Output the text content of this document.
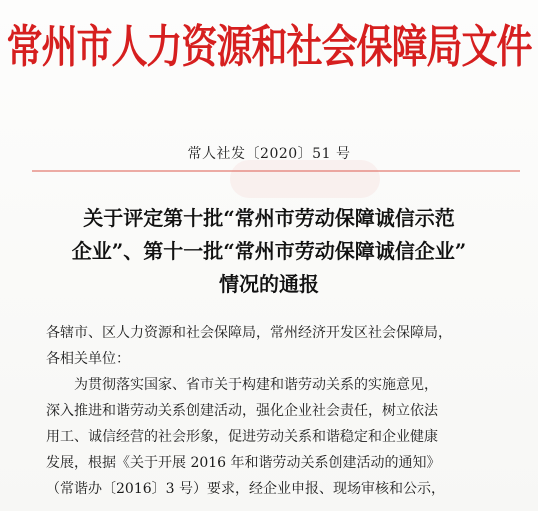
常州市人力资源和社会保障局文件
常人社发〔2020〕51 号
关于评定第十批“常州市劳动保障诚信示范
企业”、第十一批“常州市劳动保障诚信企业”
情况的通报
各辖市、区人力资源和社会保障局，常州经济开发区社会保障局，
各相关单位：
为贯彻落实国家、省市关于构建和谐劳动关系的实施意见，
深入推进和谐劳动关系创建活动，强化企业社会责任，树立依法
用工、诚信经营的社会形象，促进劳动关系和谐稳定和企业健康
发展，根据《关于开展 2016 年和谐劳动关系创建活动的通知》
（常谐办〔2016〕3 号）要求，经企业申报、现场审核和公示，
